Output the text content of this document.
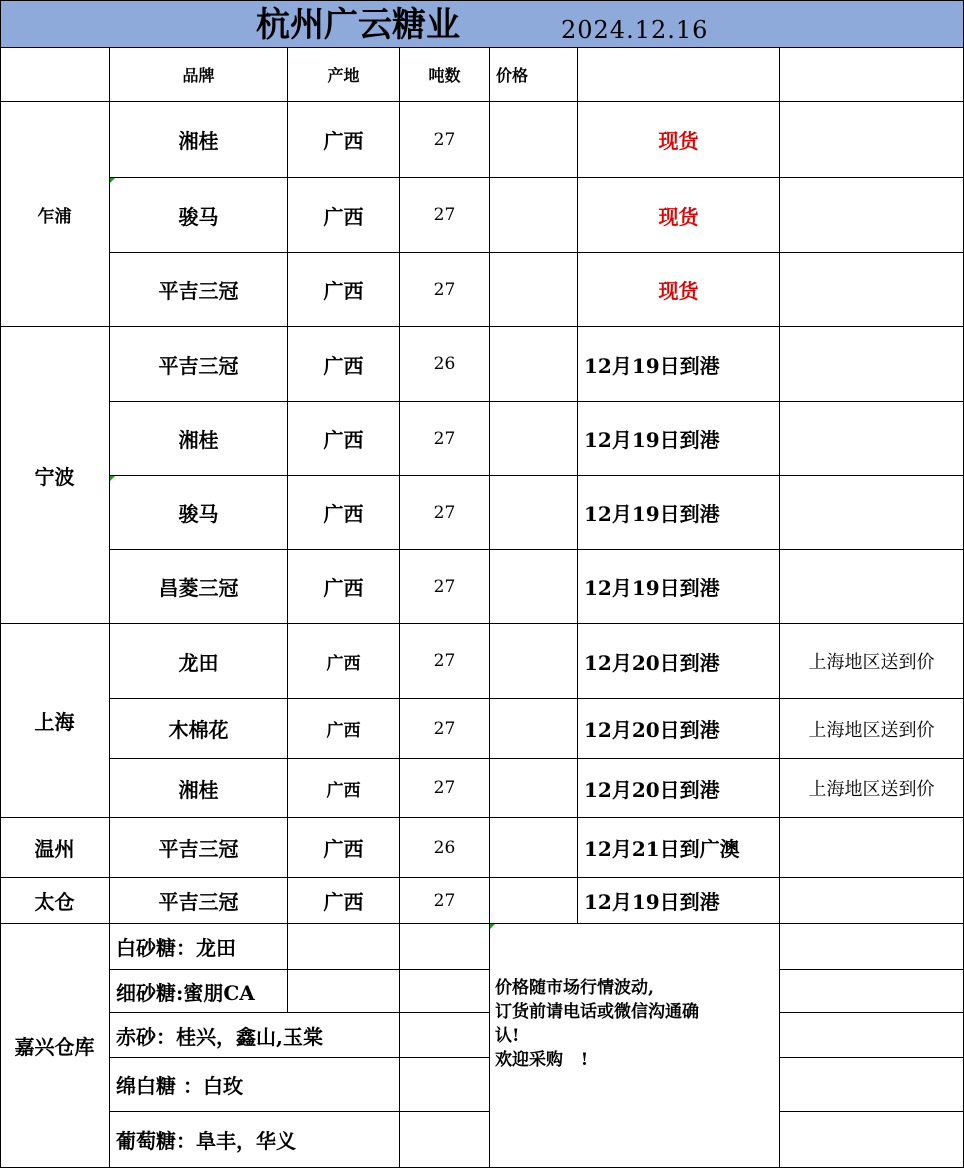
杭州广云糖业	2024.12.16
品牌	产地	吨数	价格
乍浦
湘桂	广西	27	现货
骏马	广西	27	现货
平吉三冠	广西	27	现货
宁波
平吉三冠	广西	26	12月19日到港
湘桂	广西	27	12月19日到港
骏马	广西	27	12月19日到港
昌菱三冠	广西	27	12月19日到港
上海
龙田	广西	27	12月20日到港	上海地区送到价
木棉花	广西	27	12月20日到港	上海地区送到价
湘桂	广西	27	12月20日到港	上海地区送到价
温州	平吉三冠	广西	26	12月21日到广澳
太仓	平吉三冠	广西	27	12月19日到港
嘉兴仓库
白砂糖：龙田
细砂糖:蜜朋CA
赤砂：桂兴，鑫山,玉棠
绵白糖 ：白玫
葡萄糖：阜丰，华义
价格随市场行情波动,
订货前请电话或微信沟通确
认!
欢迎采购   !
